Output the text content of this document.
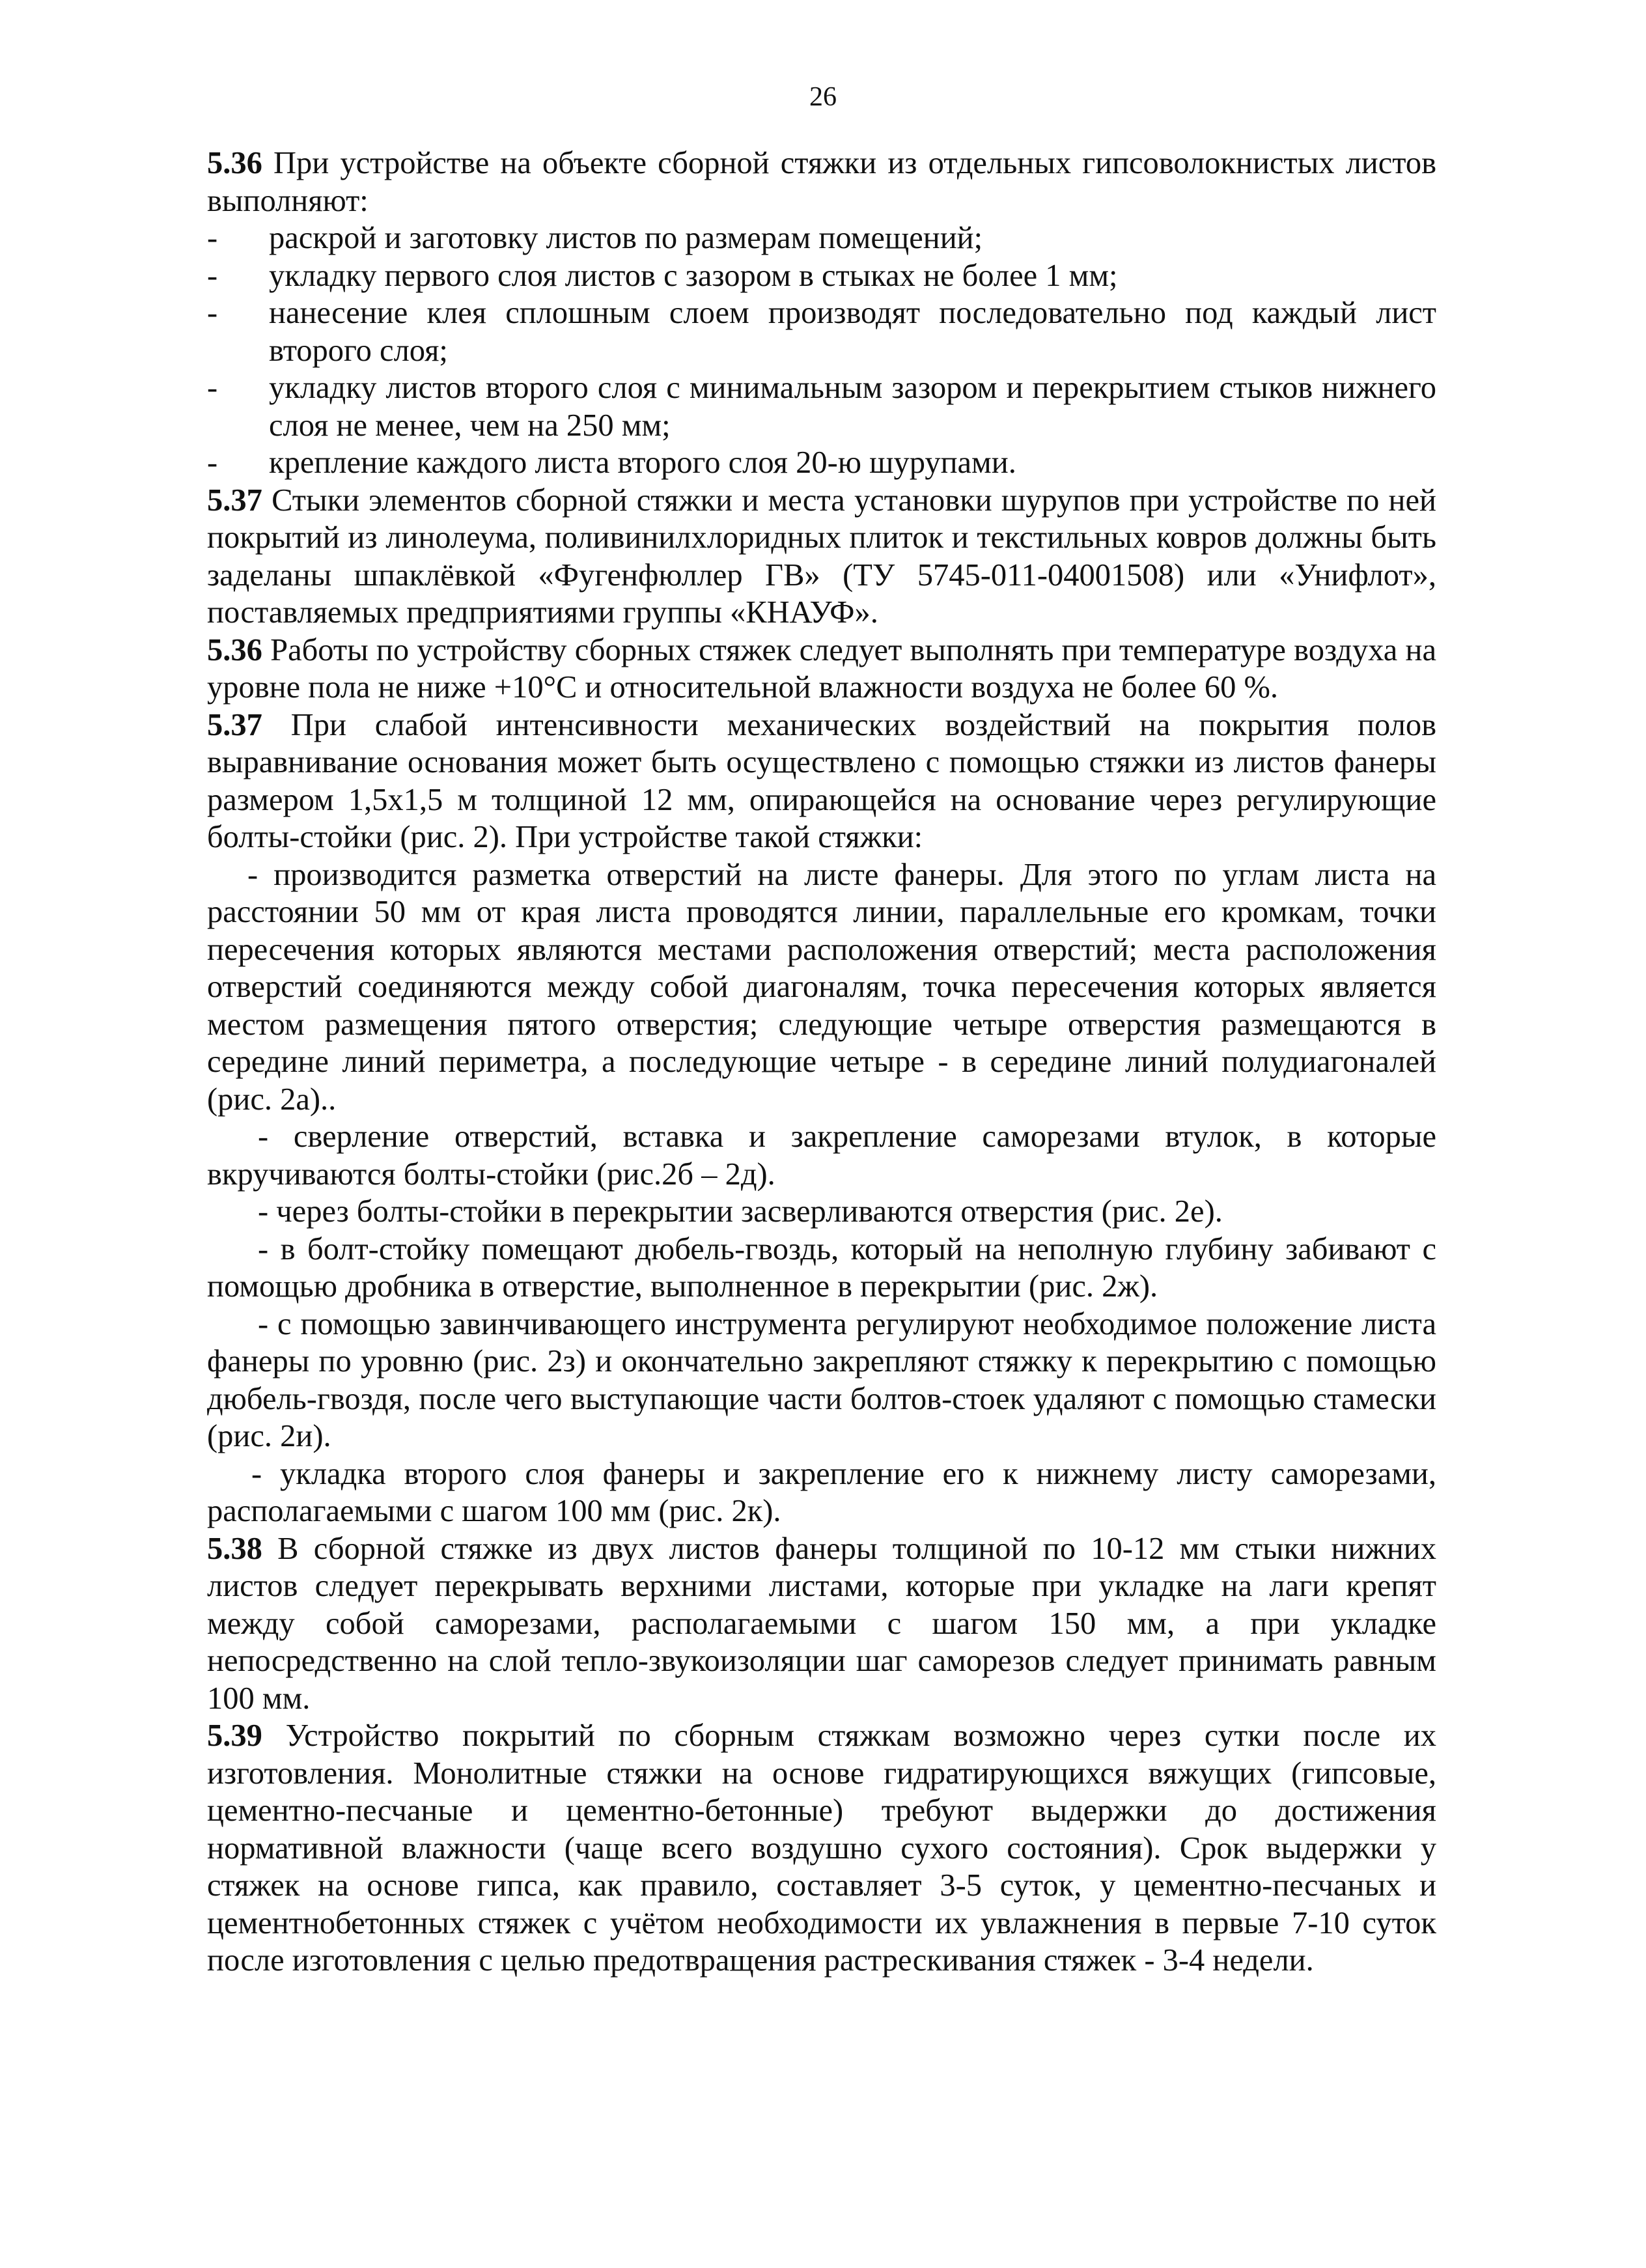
26
5.36 При устройстве на объекте сборной стяжки из отдельных гипсоволокнистых листов выполняют:
-	раскрой и заготовку листов по размерам помещений;
-	укладку первого слоя листов с зазором в стыках не более 1 мм;
-	нанесение клея сплошным слоем производят последовательно под каждый лист второго слоя;
-	укладку листов второго слоя с минимальным зазором и перекрытием стыков нижнего слоя не менее, чем на 250 мм;
-	крепление каждого листа второго слоя 20-ю шурупами.
5.37 Стыки элементов сборной стяжки и места установки шурупов при устройстве по ней покрытий из линолеума, поливинилхлоридных плиток и текстильных ковров должны быть заделаны шпаклёвкой «Фугенфюллер ГВ» (ТУ 5745-011-04001508) или «Унифлот», поставляемых предприятиями группы «КНАУФ».
5.36 Работы по устройству сборных стяжек следует выполнять при температуре воздуха на уровне пола не ниже +10°С и относительной влажности воздуха не более 60 %.
5.37 При слабой интенсивности механических воздействий на покрытия полов выравнивание основания может быть осуществлено с помощью стяжки из листов фанеры размером 1,5х1,5 м толщиной 12 мм, опирающейся на основание через регулирующие болты-стойки (рис. 2). При устройстве такой стяжки:
- производится разметка отверстий на листе фанеры. Для этого по углам листа на расстоянии 50 мм от края листа проводятся линии, параллельные его кромкам, точки пересечения которых являются местами расположения отверстий; места расположения отверстий соединяются между собой диагоналям, точка пересечения которых является местом размещения пятого отверстия; следующие четыре отверстия размещаются в середине линий периметра, а последующие четыре - в середине линий полудиагоналей (рис. 2а)..
- сверление отверстий, вставка и закрепление саморезами втулок, в которые вкручиваются болты-стойки (рис.2б – 2д).
- через болты-стойки в перекрытии засверливаются отверстия (рис. 2е).
- в болт-стойку помещают дюбель-гвоздь, который на неполную глубину забивают с помощью дробника в отверстие, выполненное в перекрытии (рис. 2ж).
- с помощью завинчивающего инструмента регулируют необходимое положение листа фанеры по уровню (рис. 2з) и окончательно закрепляют стяжку к перекрытию с помощью дюбель-гвоздя, после чего выступающие части болтов-стоек удаляют с помощью стамески (рис. 2и).
- укладка второго слоя фанеры и закрепление его к нижнему листу саморезами, располагаемыми с шагом 100 мм (рис. 2к).
5.38 В сборной стяжке из двух листов фанеры толщиной по 10-12 мм стыки нижних листов следует перекрывать верхними листами, которые при укладке на лаги крепят между собой саморезами, располагаемыми с шагом 150 мм, а при укладке непосредственно на слой тепло-звукоизоляции шаг саморезов следует принимать равным 100 мм.
5.39 Устройство покрытий по сборным стяжкам возможно через сутки после их изготовления. Монолитные стяжки на основе гидратирующихся вяжущих (гипсовые, цементно-песчаные и цементно-бетонные) требуют выдержки до достижения нормативной влажности (чаще всего воздушно сухого состояния). Срок выдержки у стяжек на основе гипса, как правило, составляет 3-5 суток, у цементно-песчаных и цементнобетонных стяжек с учётом необходимости их увлажнения в первые 7-10 суток после изготовления с целью предотвращения растрескивания стяжек - 3-4 недели.
